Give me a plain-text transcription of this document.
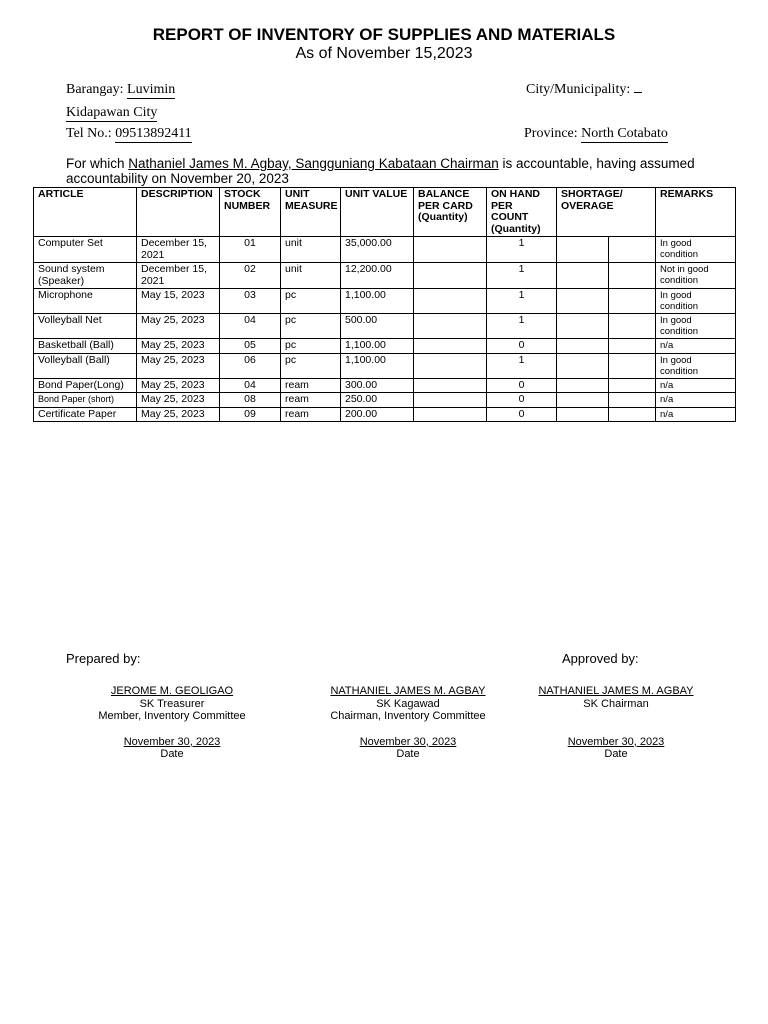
REPORT OF INVENTORY OF SUPPLIES AND MATERIALS
As of November 15,2023
Barangay: Luvimin	City/Municipality:
Kidapawan City
Tel No.: 09513892411	Province: North Cotabato
For which Nathaniel James M. Agbay, Sangguniang Kabataan Chairman is accountable, having assumed accountability on November 20, 2023
ARTICLE	DESCRIPTION	STOCK NUMBER	UNIT MEASURE	UNIT VALUE	BALANCE PER CARD (Quantity)	ON HAND PER COUNT (Quantity)	SHORTAGE/ OVERAGE		REMARKS
Computer Set	December 15, 2021	01	unit	35,000.00		1			In good condition
Sound system (Speaker)	December 15, 2021	02	unit	12,200.00		1			Not in good condition
Microphone	May 15, 2023	03	pc	1,100.00		1			In good condition
Volleyball Net	May 25, 2023	04	pc	500.00		1			In good condition
Basketball (Ball)	May 25, 2023	05	pc	1,100.00		0			n/a
Volleyball (Ball)	May 25, 2023	06	pc	1,100.00		1			In good condition
Bond Paper(Long)	May 25, 2023	04	ream	300.00		0			n/a
Bond Paper (short)	May 25, 2023	08	ream	250.00		0			n/a
Certificate Paper	May 25, 2023	09	ream	200.00		0			n/a
Prepared by:	Approved by:
JEROME M. GEOLIGAO
SK Treasurer
Member, Inventory Committee
November 30, 2023
Date
NATHANIEL JAMES M. AGBAY
SK Kagawad
Chairman, Inventory Committee
November 30, 2023
Date
NATHANIEL JAMES M. AGBAY
SK Chairman
November 30, 2023
Date
